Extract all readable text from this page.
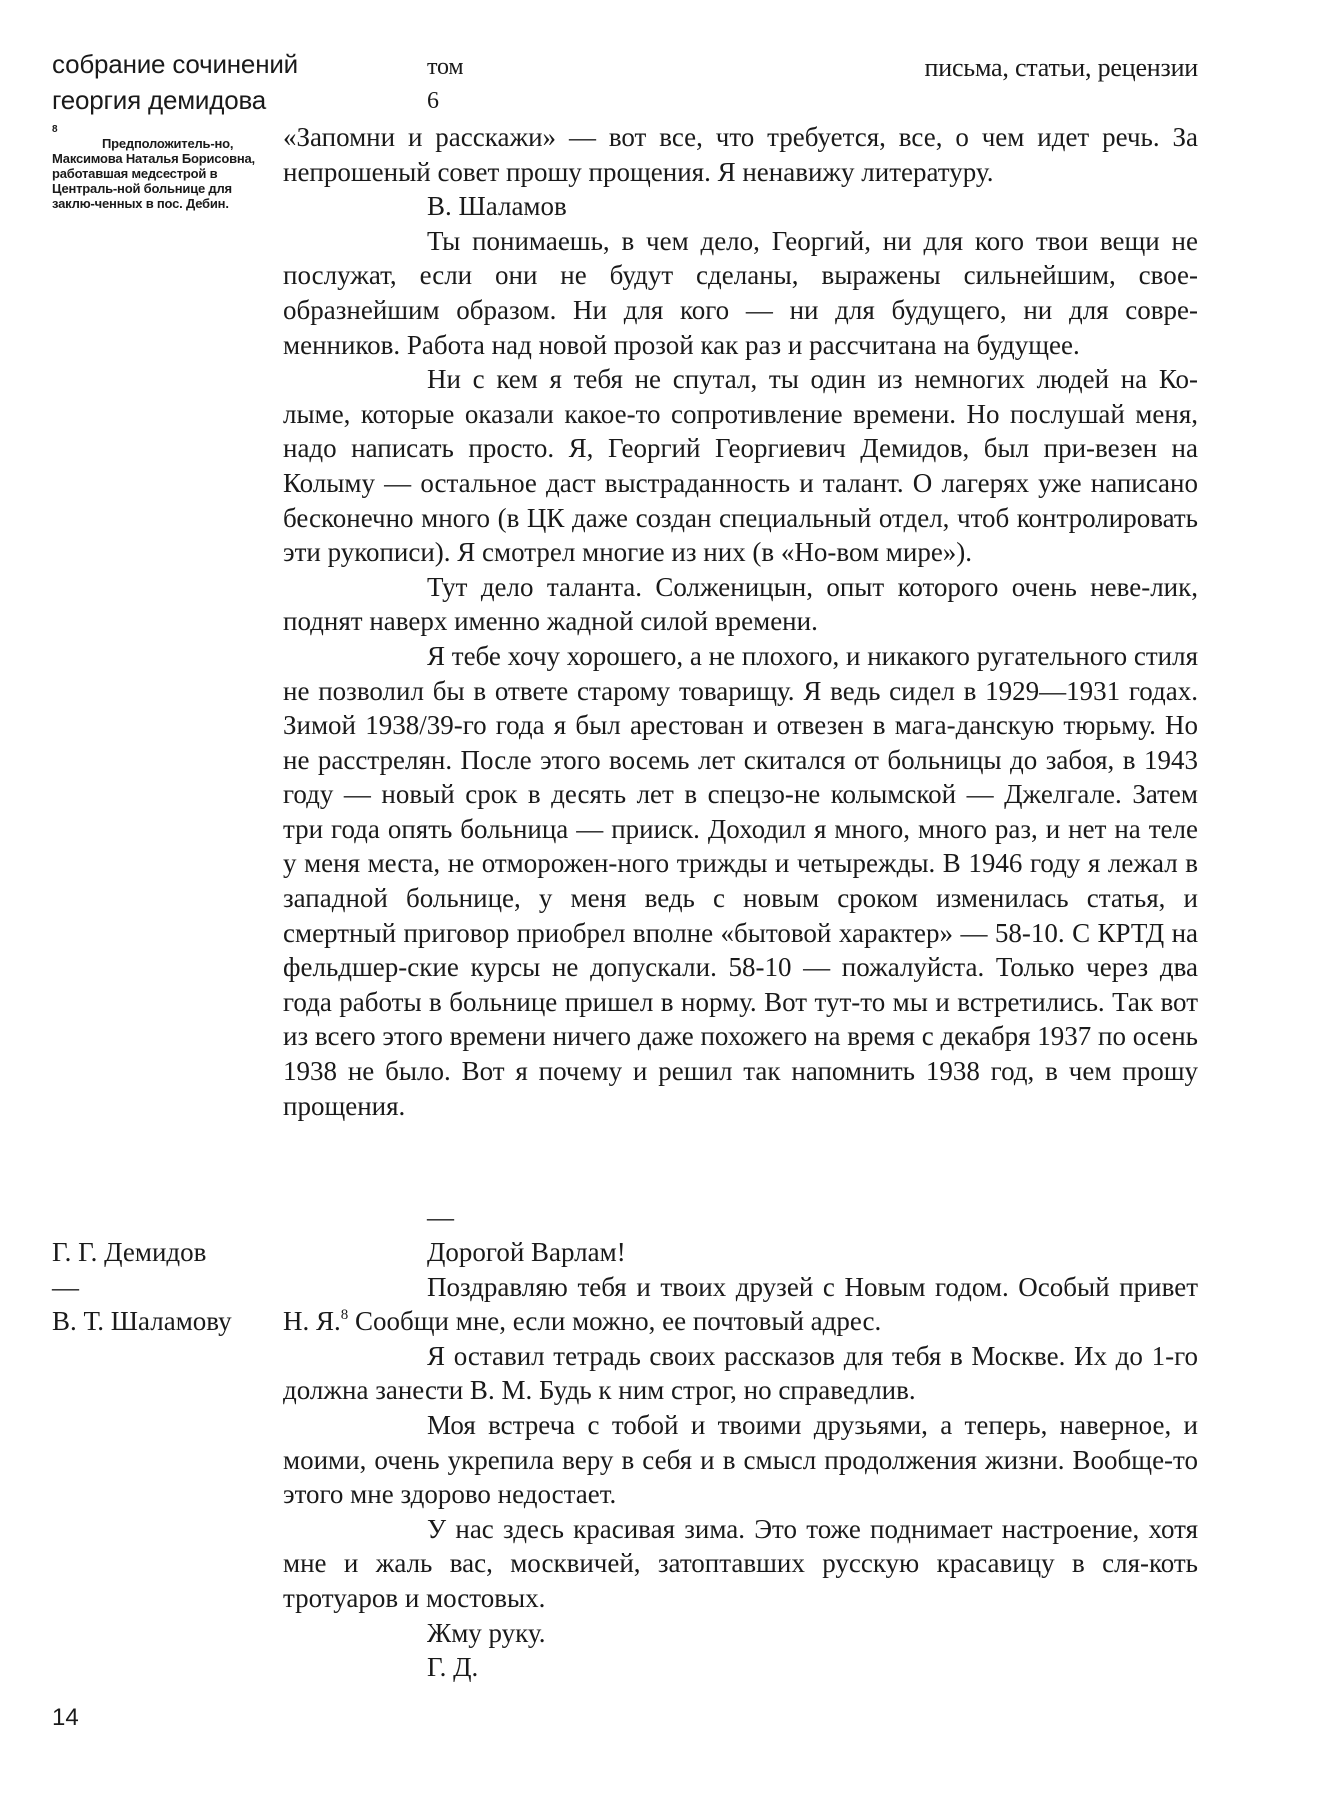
собрание сочинений
георгия демидова
том
6
письма, статьи, рецензии
8
Предположитель-но, Максимова Наталья Борисовна, работавшая медсестрой в Централь-ной больнице для заклю-ченных в пос. Дебин.

«Запомни и расскажи» — вот все, что требуется, все, о чем идет речь. За непрошеный совет прошу прощения. Я ненавижу литературу.

В. Шаламов

Ты понимаешь, в чем дело, Георгий, ни для кого твои вещи не послужат, если они не будут сделаны, выражены сильнейшим, свое-образнейшим образом. Ни для кого — ни для будущего, ни для совре-менников. Работа над новой прозой как раз и рассчитана на будущее.

Ни с кем я тебя не спутал, ты один из немногих людей на Ко-лыме, которые оказали какое-то сопротивление времени. Но послушай меня, надо написать просто. Я, Георгий Георгиевич Демидов, был при-везен на Колыму — остальное даст выстраданность и талант. О лагерях уже написано бесконечно много (в ЦК даже создан специальный отдел, чтоб контролировать эти рукописи). Я смотрел многие из них (в «Но-вом мире»).

Тут дело таланта. Солженицын, опыт которого очень неве-лик, поднят наверх именно жадной силой времени.

Я тебе хочу хорошего, а не плохого, и никакого ругательного стиля не позволил бы в ответе старому товарищу. Я ведь сидел в 1929—1931 годах. Зимой 1938/39-го года я был арестован и отвезен в мага-данскую тюрьму. Но не расстрелян. После этого восемь лет скитался от больницы до забоя, в 1943 году — новый срок в десять лет в спецзо-не колымской — Джелгале. Затем три года опять больница — прииск. Доходил я много, много раз, и нет на теле у меня места, не отморожен-ного трижды и четырежды. В 1946 году я лежал в западной больнице, у меня ведь с новым сроком изменилась статья, и смертный приговор приобрел вполне «бытовой характер» — 58-10. С КРТД на фельдшер-ские курсы не допускали. 58-10 — пожалуйста. Только через два года работы в больнице пришел в норму. Вот тут-то мы и встретились. Так вот из всего этого времени ничего даже похожего на время с декабря 1937 по осень 1938 не было. Вот я почему и решил так напомнить 1938 год, в чем прошу прощения.

—
Г. Г. Демидов
—
В. Т. Шаламову

Дорогой Варлам!

Поздравляю тебя и твоих друзей с Новым годом. Особый привет Н. Я.$^8$ Сообщи мне, если можно, ее почтовый адрес.

Я оставил тетрадь своих рассказов для тебя в Москве. Их до 1-го должна занести В. М. Будь к ним строг, но справедлив.

Моя встреча с тобой и твоими друзьями, а теперь, наверное, и моими, очень укрепила веру в себя и в смысл продолжения жизни. Вообще-то этого мне здорово недостает.

У нас здесь красивая зима. Это тоже поднимает настроение, хотя мне и жаль вас, москвичей, затоптавших русскую красавицу в сля-коть тротуаров и мостовых.

Жму руку.

Г. Д.

14
